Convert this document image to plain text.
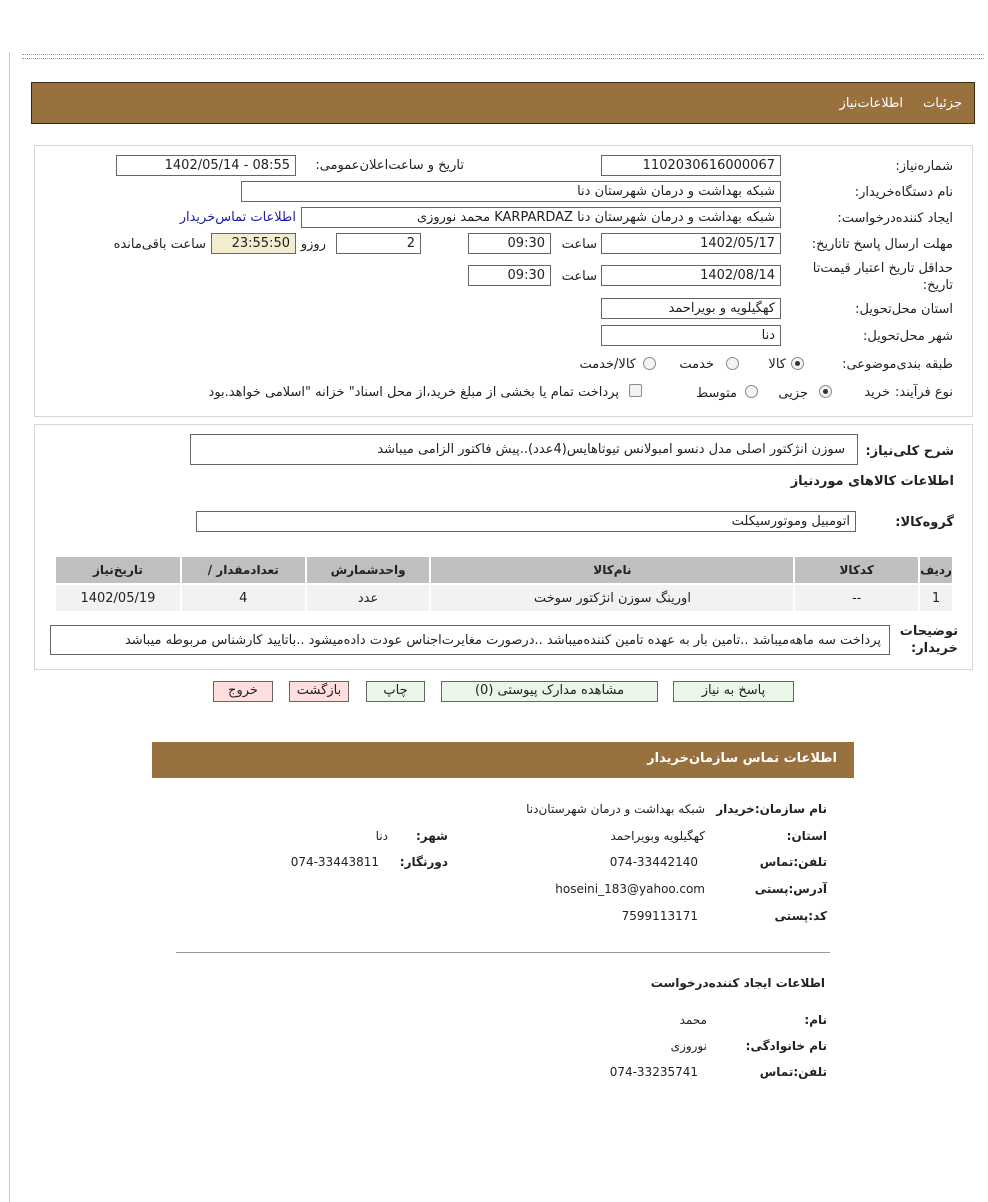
جزئیات
اطلاعات‌نیاز
شماره‌نیاز:
1102030616000067
تاریخ و ساعت‌اعلان‌عمومی:
1402/05/14 - 08:55
نام دستگاه‌خریدار:
شبکه بهداشت و درمان شهرستان دنا
ایجاد کننده‌درخواست:
شبکه بهداشت و درمان شهرستان دنا KARPARDAZ محمد نوروزی
اطلاعات تماس‌خریدار
مهلت ارسال پاسخ تا‌تاریخ:
1402/05/17
ساعت
09:30
2
روزو
23:55:50
ساعت باقی‌مانده
حداقل تاریخ اعتبار قیمت‌تا
تاریخ:
1402/08/14
ساعت
09:30
استان محل‌تحویل:
کهگیلویه و بویراحمد
شهر محل‌تحویل:
دنا
طبقه بندی‌موضوعی:
کالا
خدمت
کالا/خدمت
نوع فرآیند:
خرید
جزیی
متوسط
پرداخت تمام یا بخشی از مبلغ خرید،از محل اسناد" خزانه "اسلامی خواهد.بود
شرح کلی‌نیاز:
سوزن انژکتور اصلی مدل دنسو امبولانس تیوتاهایس(4عدد)..پیش فاکتور الزامی میباشد
اطلاعات کالاهای موردنیاز
گروه‌کالا:
اتومبیل وموتورسیکلت
ردیف	کدکالا	نام‌کالا	واحدشمارش	تعدادمقدار /	تاریخ‌نیاز
1	--	اورینگ سوزن انژکتور سوخت	عدد	4	1402/05/19
توضیحات
خریدار:
پرداخت سه ماهه‌میباشد ..تامین بار به عهده تامین کننده‌میباشد ..درصورت مغایرت‌اجناس عودت داده‌میشود ..باتایید کارشناس مربوطه میباشد
پاسخ به نیاز
مشاهده مدارک پیوستی (0)
چاپ
بازگشت
خروج
اطلاعات تماس سازمان‌خریدار
نام سازمان:خریدار
شبکه بهداشت و درمان شهرستان‌دنا
استان:
کهگیلویه وبویراحمد
شهر:
دنا
تلفن:تماس
074-33442140
دورنگار:
074-33443811
آدرس:پستی
hoseini_183@yahoo.com
کد:پستی
7599113171
اطلاعات ایجاد کننده‌درخواست
نام:
محمد
نام خانوادگی:
نوروزی
تلفن:تماس
074-33235741
